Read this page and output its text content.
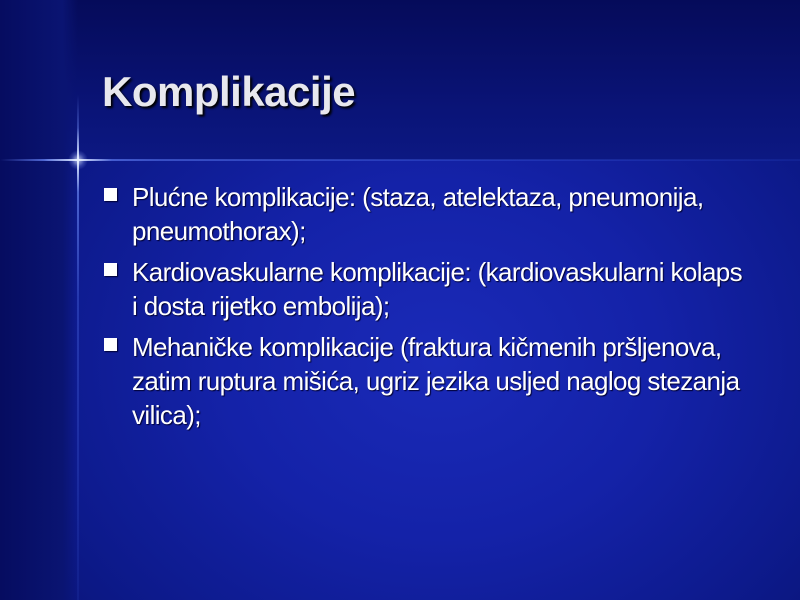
Komplikacije
Plućne komplikacije: (staza, atelektaza, pneumonija, pneumothorax);
Kardiovaskularne komplikacije: (kardiovaskularni kolaps i dosta rijetko embolija);
Mehaničke komplikacije (fraktura kičmenih pršljenova, zatim ruptura mišića, ugriz jezika usljed naglog stezanja vilica);
